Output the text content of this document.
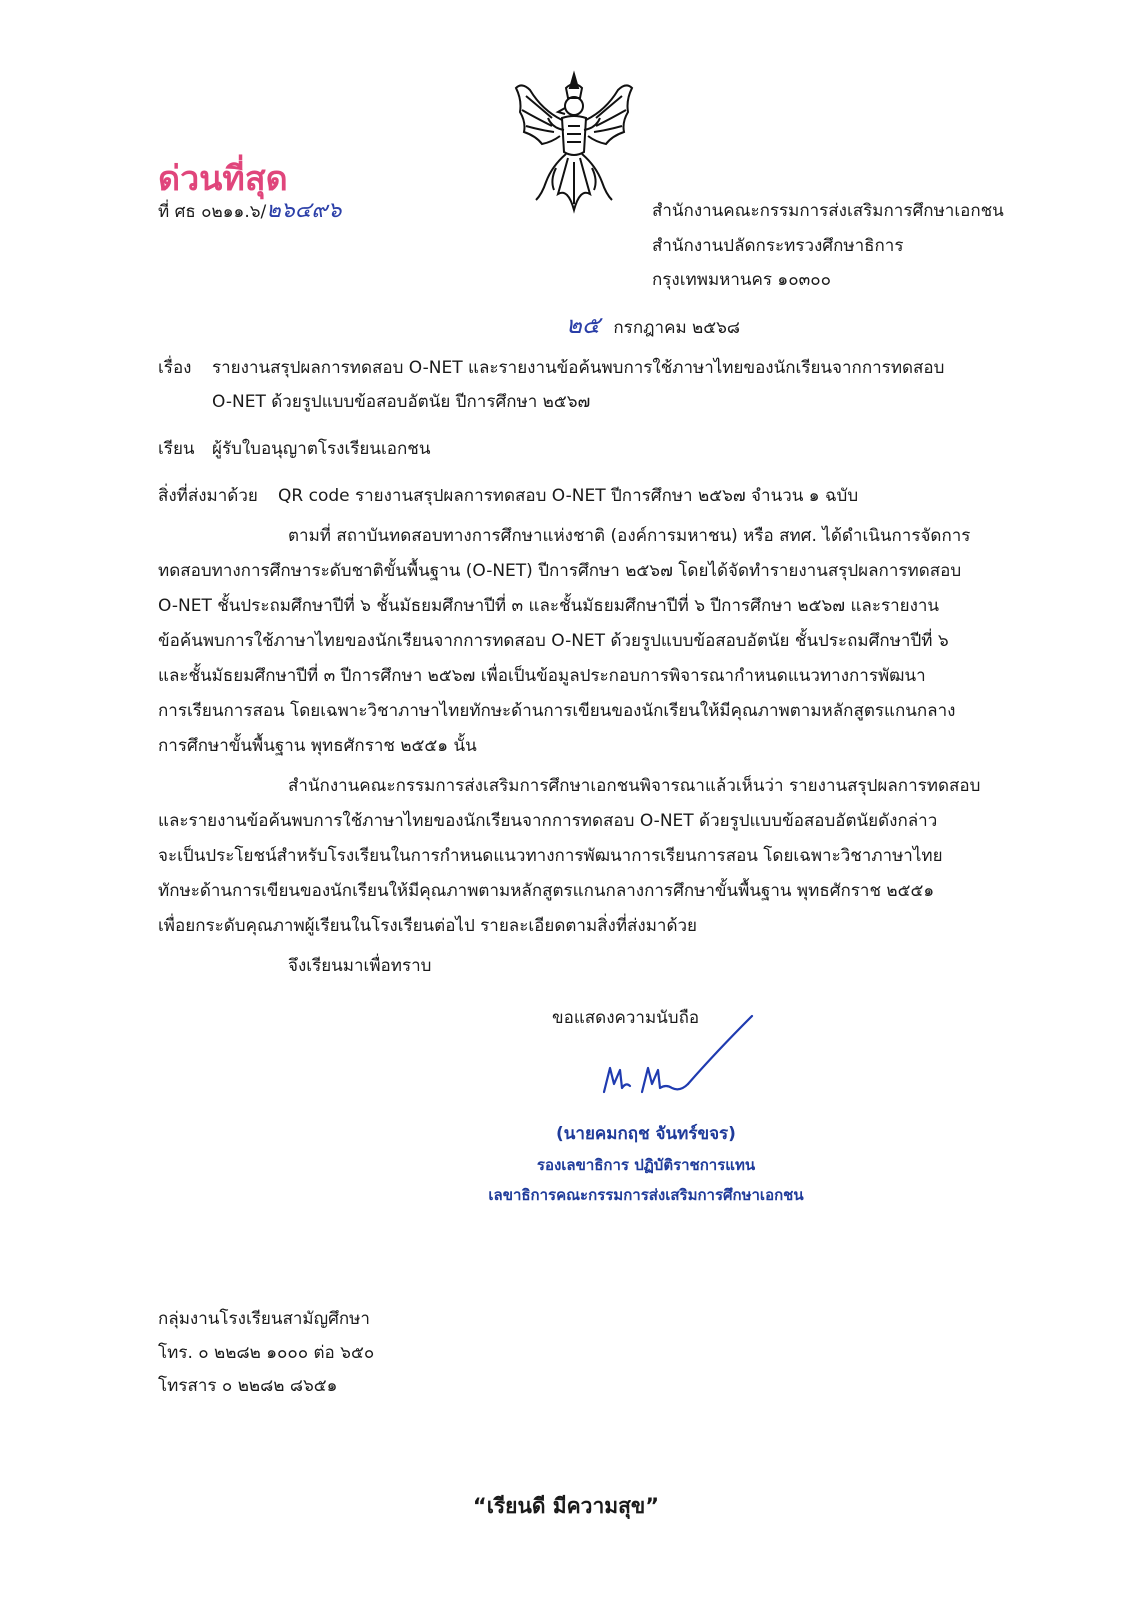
ด่วนที่สุด
ที่ ศธ ๐๒๑๑.๖/๒๖๔๙๖	สำนักงานคณะกรรมการส่งเสริมการศึกษาเอกชน
สำนักงานปลัดกระทรวงศึกษาธิการ
กรุงเทพมหานคร ๑๐๓๐๐
๒๕ กรกฎาคม ๒๕๖๘
เรื่อง รายงานสรุปผลการทดสอบ O-NET และรายงานข้อค้นพบการใช้ภาษาไทยของนักเรียนจากการทดสอบ
O-NET ด้วยรูปแบบข้อสอบอัตนัย ปีการศึกษา ๒๕๖๗
เรียน ผู้รับใบอนุญาตโรงเรียนเอกชน
สิ่งที่ส่งมาด้วย QR code รายงานสรุปผลการทดสอบ O-NET ปีการศึกษา ๒๕๖๗ จำนวน ๑ ฉบับ
ตามที่ สถาบันทดสอบทางการศึกษาแห่งชาติ (องค์การมหาชน) หรือ สทศ. ได้ดำเนินการจัดการ
ทดสอบทางการศึกษาระดับชาติขั้นพื้นฐาน (O-NET) ปีการศึกษา ๒๕๖๗ โดยได้จัดทำรายงานสรุปผลการทดสอบ
O-NET ชั้นประถมศึกษาปีที่ ๖ ชั้นมัธยมศึกษาปีที่ ๓ และชั้นมัธยมศึกษาปีที่ ๖ ปีการศึกษา ๒๕๖๗ และรายงาน
ข้อค้นพบการใช้ภาษาไทยของนักเรียนจากการทดสอบ O-NET ด้วยรูปแบบข้อสอบอัตนัย ชั้นประถมศึกษาปีที่ ๖
และชั้นมัธยมศึกษาปีที่ ๓ ปีการศึกษา ๒๕๖๗ เพื่อเป็นข้อมูลประกอบการพิจารณากำหนดแนวทางการพัฒนา
การเรียนการสอน โดยเฉพาะวิชาภาษาไทยทักษะด้านการเขียนของนักเรียนให้มีคุณภาพตามหลักสูตรแกนกลาง
การศึกษาขั้นพื้นฐาน พุทธศักราช ๒๕๕๑ นั้น
สำนักงานคณะกรรมการส่งเสริมการศึกษาเอกชนพิจารณาแล้วเห็นว่า รายงานสรุปผลการทดสอบ
และรายงานข้อค้นพบการใช้ภาษาไทยของนักเรียนจากการทดสอบ O-NET ด้วยรูปแบบข้อสอบอัตนัยดังกล่าว
จะเป็นประโยชน์สำหรับโรงเรียนในการกำหนดแนวทางการพัฒนาการเรียนการสอน โดยเฉพาะวิชาภาษาไทย
ทักษะด้านการเขียนของนักเรียนให้มีคุณภาพตามหลักสูตรแกนกลางการศึกษาขั้นพื้นฐาน พุทธศักราช ๒๕๕๑
เพื่อยกระดับคุณภาพผู้เรียนในโรงเรียนต่อไป รายละเอียดตามสิ่งที่ส่งมาด้วย
จึงเรียนมาเพื่อทราบ
ขอแสดงความนับถือ
(นายคมกฤช จันทร์ขจร)
รองเลขาธิการ ปฏิบัติราชการแทน
เลขาธิการคณะกรรมการส่งเสริมการศึกษาเอกชน
กลุ่มงานโรงเรียนสามัญศึกษา
โทร. ๐ ๒๒๘๒ ๑๐๐๐ ต่อ ๖๕๐
โทรสาร ๐ ๒๒๘๒ ๘๖๕๑
“เรียนดี มีความสุข”
